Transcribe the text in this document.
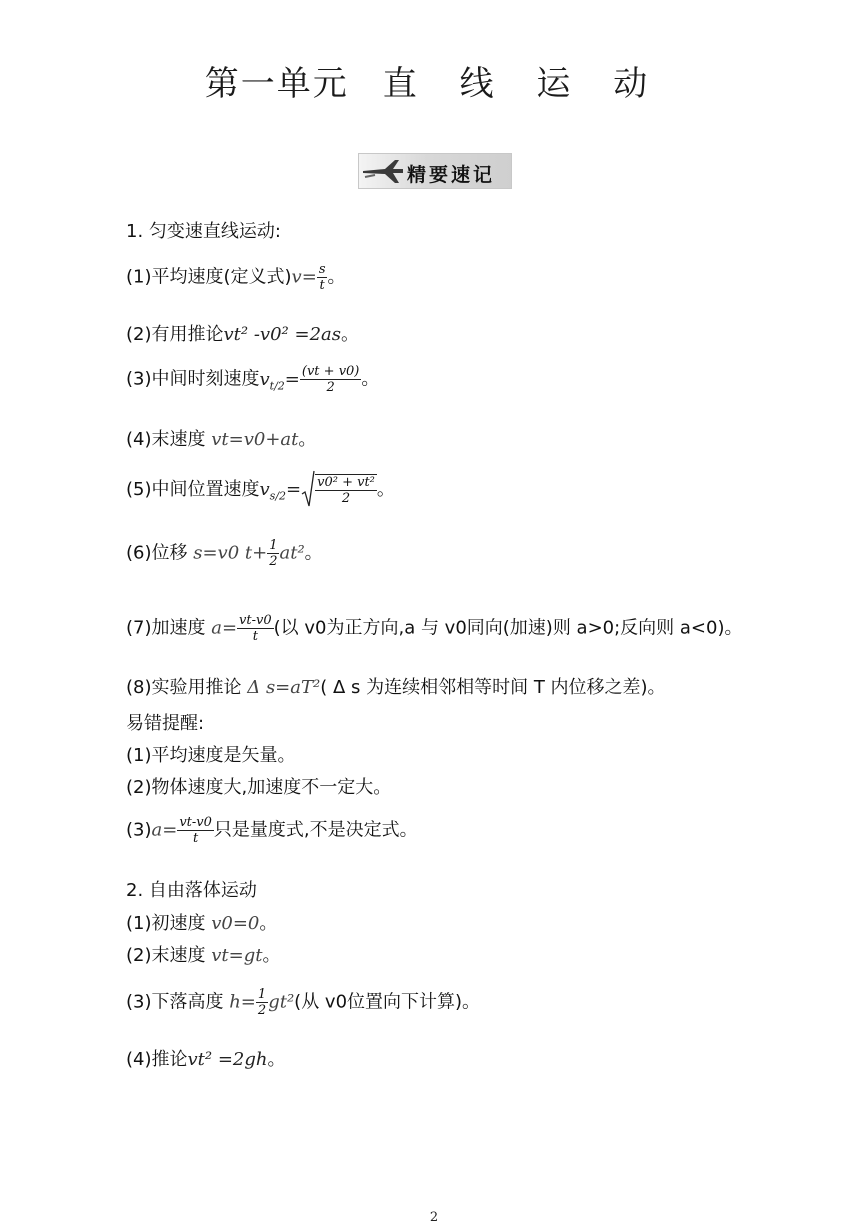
第一单元 直 线 运 动
精要速记
1. 匀变速直线运动:
(1)平均速度(定义式)$v= \frac{s}{t}$ 。
(2)有用推论vt² -v0² =2as。
(3)中间时刻速度$v_{t/2}= \frac{(vt + v0)}{2}$ 。
(4)末速度 vt=v0+at。
(5)中间位置速度$v_{s/2}= \frac{\text{v0² + vt²}}{2}$ 。
(6)位移 s=v0 $t+ \frac{1}{2} at^2$。
(7)加速度 $a= \frac{vt-v0}{t}$ (以 v0为正方向,a 与 v0同向(加速)则 a>0;反向则 a<0)。
(8)实验用推论 Δ s=aT²( Δ s 为连续相邻相等时间 T 内位移之差)。
易错提醒:
(1)平均速度是矢量。
(2)物体速度大,加速度不一定大。
$(3)a= \frac{vt-v0}{t}$ 只是量度式,不是决定式。
2. 自由落体运动
(1)初速度 v0=0。
(2)末速度 vt=gt。
(3)下落高度 $h= \frac{1}{2} gt^2$(从 v0位置向下计算)。
(4)推论vt² =2gh。
2
